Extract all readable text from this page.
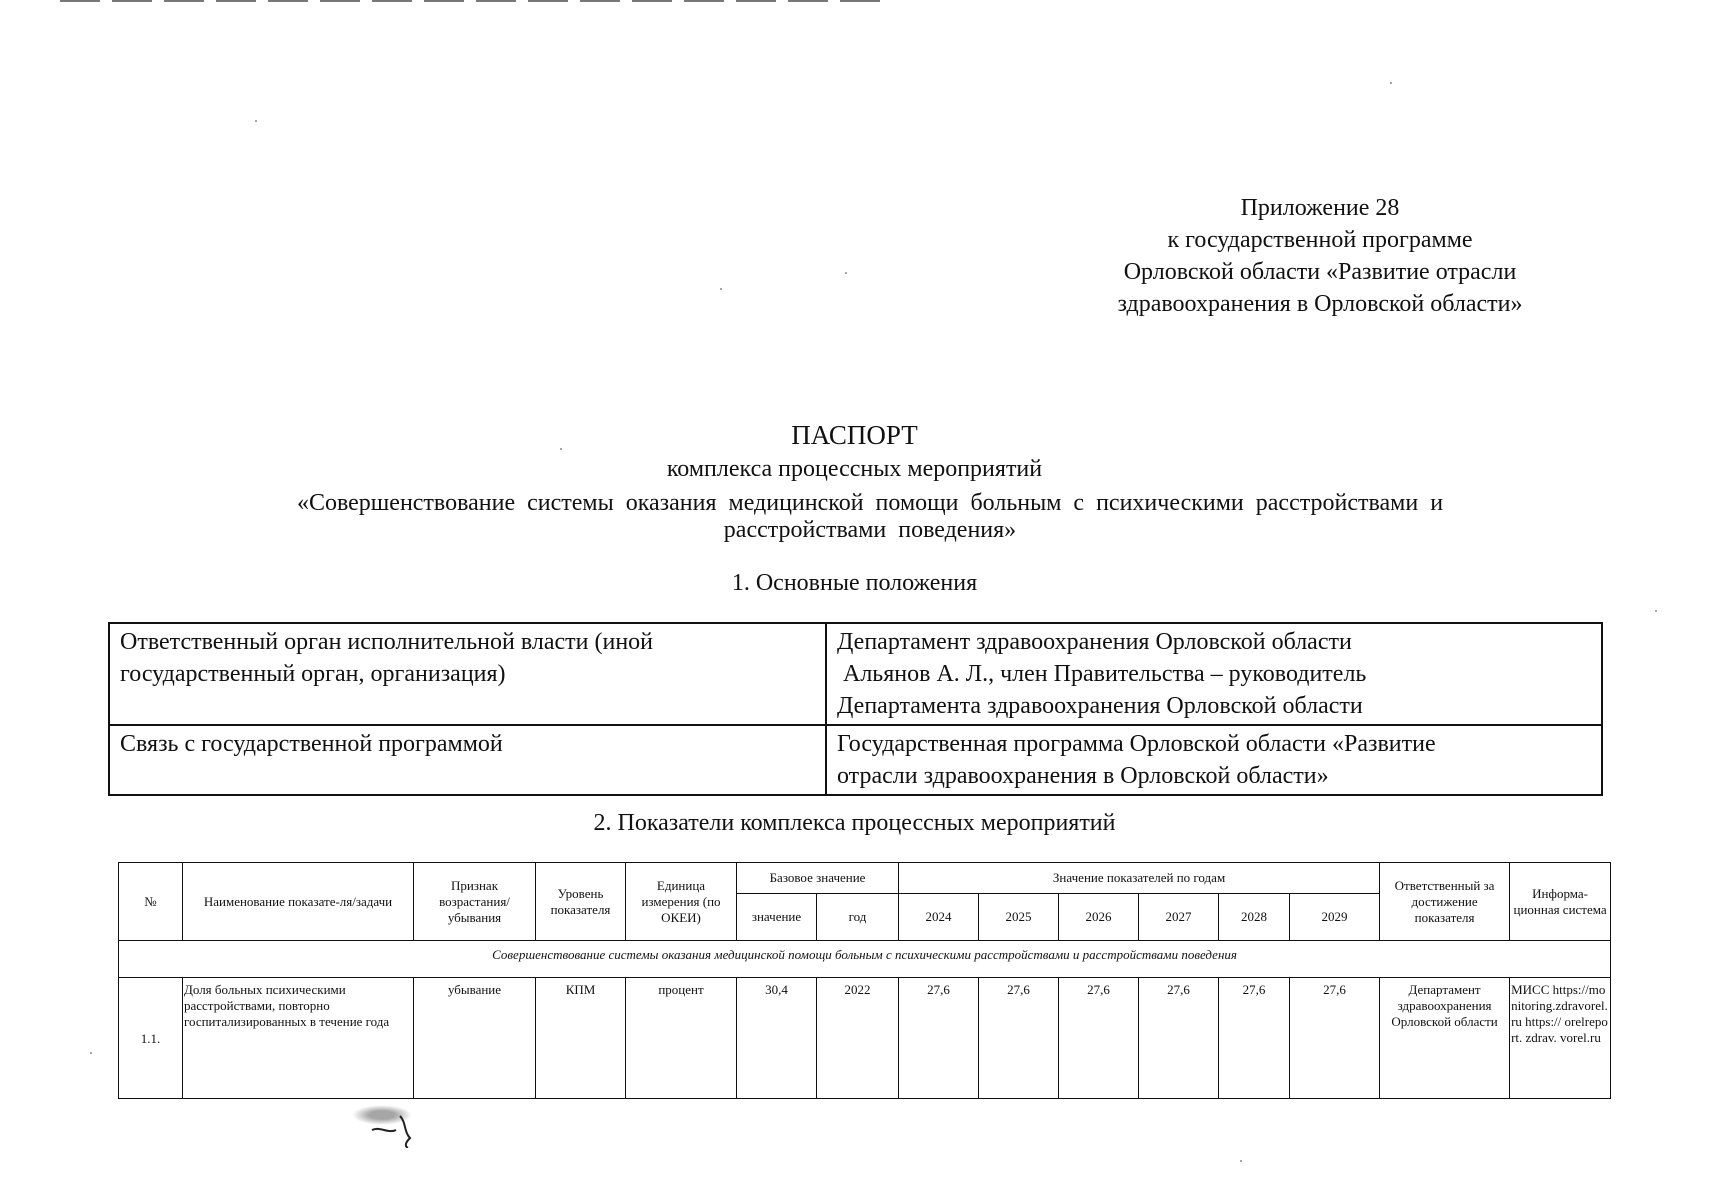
Приложение 28
к государственной программе
Орловской области «Развитие отрасли
здравоохранения в Орловской области»
ПАСПОРТ
комплекса процессных мероприятий
«Совершенствование системы оказания медицинской помощи больным с психическими расстройствами и
расстройствами поведения»
1. Основные положения
Ответственный орган исполнительной власти (иной государственный орган, организация)	Департамент здравоохранения Орловской области
Альянов А. Л., член Правительства – руководитель
Департамента здравоохранения Орловской области

Связь с государственной программой	Государственная программа Орловской области «Развитие
отрасли здравоохранения в Орловской области»
2. Показатели комплекса процессных мероприятий
№	Наименование показате-ля/задачи	Признак возрастания/ убывания	Уровень показателя	Единица измерения (по ОКЕИ)	Базовое значение		Значение показателей по годам						Ответственный за достижение показателя	Информа-ционная система
					значение	год	2024	2025	2026	2027	2028	2029		
Совершенствование системы оказания медицинской помощи больным с психическими расстройствами и расстройствами поведения														
1.1.	Доля больных психическими расстройствами, повторно госпитализированных в течение года	убывание	КПМ	процент	30,4	2022	27,6	27,6	27,6	27,6	27,6	27,6	Департамент здравоохранения Орловской области	МИСС https://monitoring.zdravorel.ru https:// orelreport. zdrav. vorel.ru
